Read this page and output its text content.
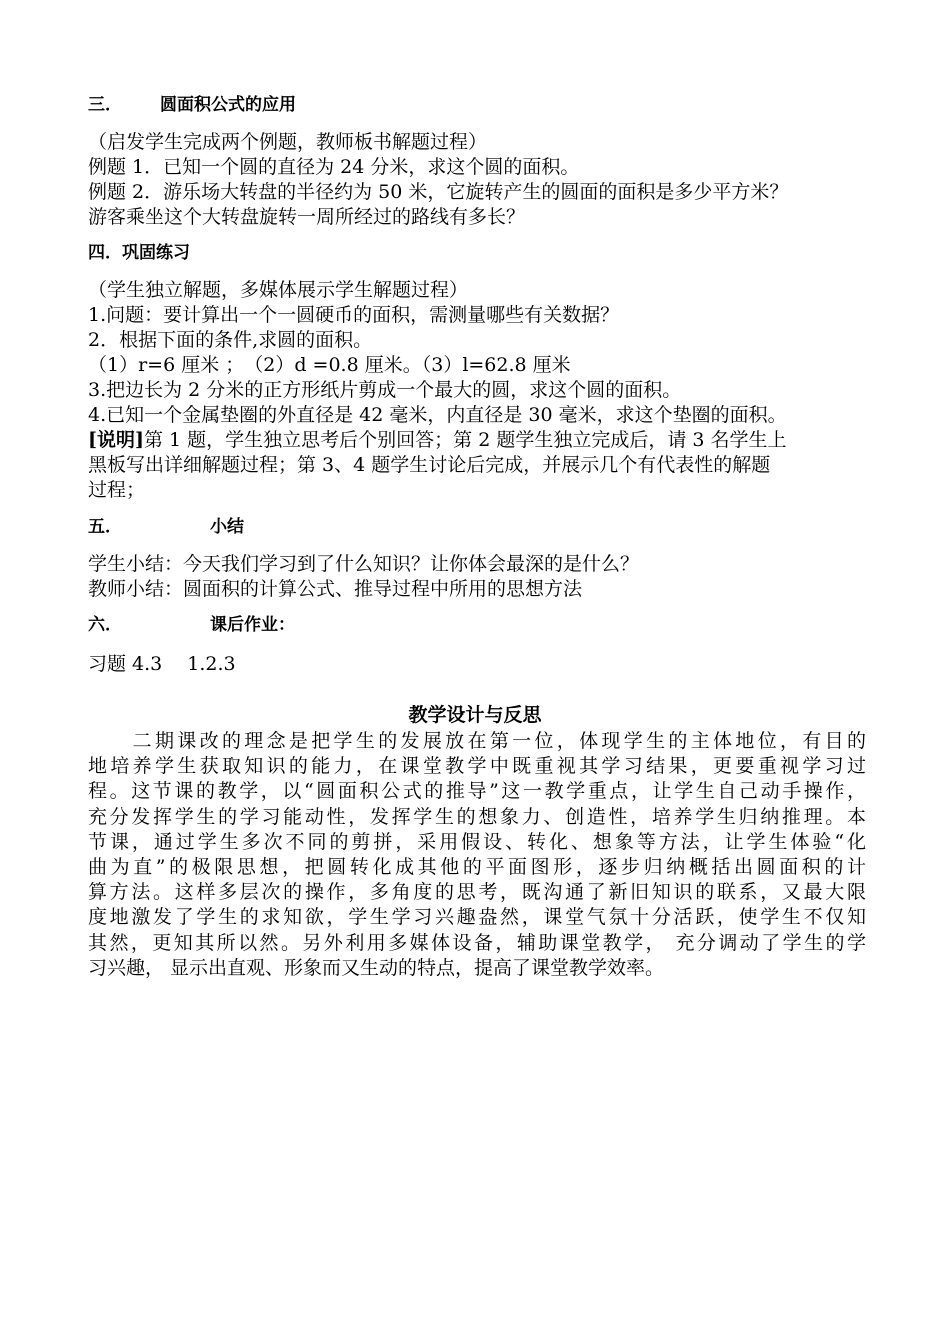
三． 圆面积公式的应用
（启发学生完成两个例题，教师板书解题过程）
例题 1．已知一个圆的直径为 24 分米，求这个圆的面积。
例题 2．游乐场大转盘的半径约为 50 米，它旋转产生的圆面的面积是多少平方米？
游客乘坐这个大转盘旋转一周所经过的路线有多长？
四．巩固练习
（学生独立解题，多媒体展示学生解题过程）
1.问题：要计算出一个一圆硬币的面积，需测量哪些有关数据？
2．根据下面的条件,求圆的面积。
（1）r=6 厘米 ；　（2）d =0.8 厘米。（3）l=62.8 厘米
3.把边长为 2 分米的正方形纸片剪成一个最大的圆，求这个圆的面积。
4.已知一个金属垫圈的外直径是 42 毫米，内直径是 30 毫米，求这个垫圈的面积。
[说明]第 1 题，学生独立思考后个别回答；第 2 题学生独立完成后，请 3 名学生上
黑板写出详细解题过程；第 3、4 题学生讨论后完成，并展示几个有代表性的解题
过程；
五．	小结
学生小结：今天我们学习到了什么知识？让你体会最深的是什么？
教师小结：圆面积的计算公式、推导过程中所用的思想方法
六．	课后作业：
习题 4.3　 1.2.3
教学设计与反思
　　二期课改的理念是把学生的发展放在第一位，体现学生的主体地位，有目的
地培养学生获取知识的能力，在课堂教学中既重视其学习结果，更要重视学习过
程。这节课的教学，以“圆面积公式的推导”这一教学重点，让学生自己动手操作，
充分发挥学生的学习能动性，发挥学生的想象力、创造性，培养学生归纳推理。本
节课，通过学生多次不同的剪拼，采用假设、转化、想象等方法，让学生体验“化
曲为直”的极限思想，把圆转化成其他的平面图形，逐步归纳概括出圆面积的计
算方法。这样多层次的操作，多角度的思考，既沟通了新旧知识的联系，又最大限
度地激发了学生的求知欲，学生学习兴趣盎然，课堂气氛十分活跃，使学生不仅知
其然，更知其所以然。另外利用多媒体设备，辅助课堂教学， 充分调动了学生的学
习兴趣， 显示出直观、形象而又生动的特点，提高了课堂教学效率。
